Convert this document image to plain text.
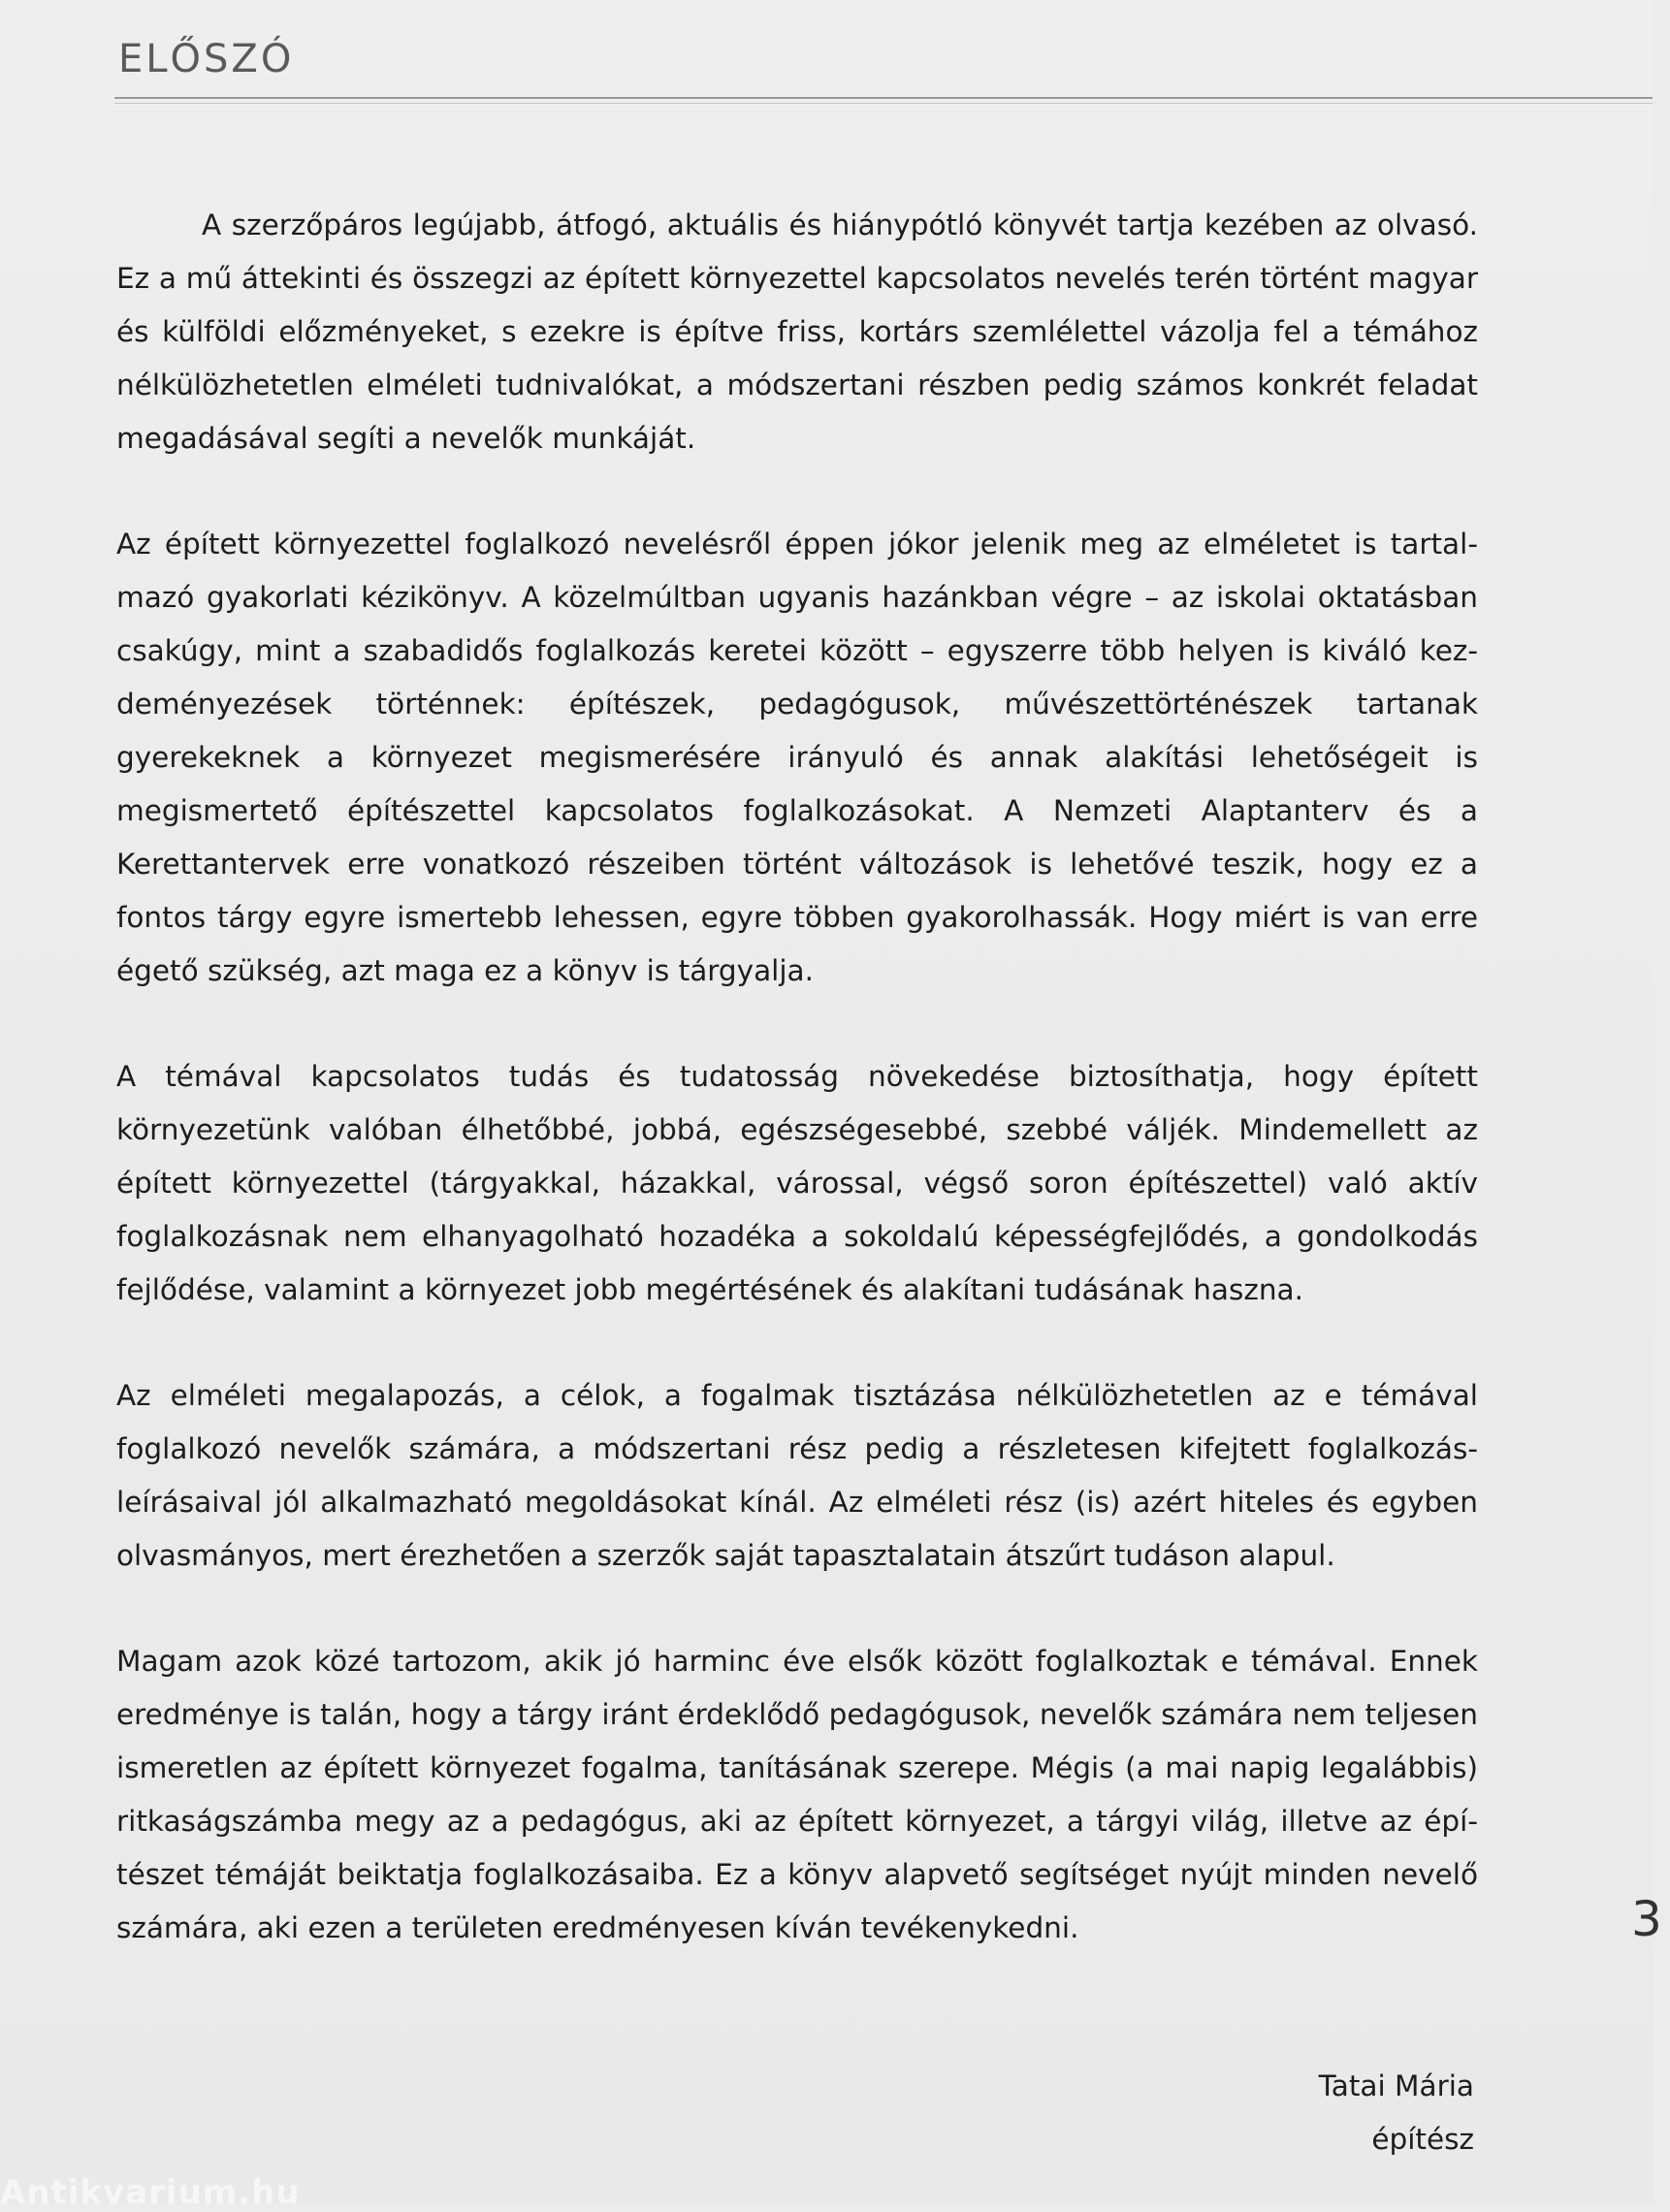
ELŐSZÓ

A szerzőpáros legújabb, átfogó, aktuális és hiánypótló könyvét tartja kezében az olvasó. Ez a mű áttekinti és összegzi az épített környezettel kapcsolatos nevelés terén történt magyar és külföldi előzményeket, s ezekre is építve friss, kortárs szemlélettel vázolja fel a témához nélkülözhetetlen elméleti tudnivalókat, a módszertani részben pedig számos konkrét feladat megadásával segíti a nevelők munkáját.

Az épített környezettel foglalkozó nevelésről éppen jókor jelenik meg az elméletet is tartalmazó gyakorlati kézikönyv. A közelmúltban ugyanis hazánkban végre – az iskolai oktatásban csakúgy, mint a szabadidős foglalkozás keretei között – egyszerre több helyen is kiváló kezdeményezések történnek: építészek, pedagógusok, művészettörténészek tartanak gyerekeknek a környezet megismerésére irányuló és annak alakítási lehetőségeit is megismertető építészettel kapcsolatos foglalkozásokat. A Nemzeti Alaptanterv és a Kerettantervek erre vonatkozó részeiben történt változások is lehetővé teszik, hogy ez a fontos tárgy egyre ismertebb lehessen, egyre többen gyakorolhassák. Hogy miért is van erre égető szükség, azt maga ez a könyv is tárgyalja.

A témával kapcsolatos tudás és tudatosság növekedése biztosíthatja, hogy épített környezetünk valóban élhetőbbé, jobbá, egészségesebbé, szebbé váljék. Mindemellett az épített környezettel (tárgyakkal, házakkal, várossal, végső soron építészettel) való aktív foglalkozásnak nem elhanyagolható hozadéka a sokoldalú képességfejlődés, a gondolkodás fejlődése, valamint a környezet jobb megértésének és alakítani tudásának haszna.

Az elméleti megalapozás, a célok, a fogalmak tisztázása nélkülözhetetlen az e témával foglalkozó nevelők számára, a módszertani rész pedig a részletesen kifejtett foglalkozás-leírásaival jól alkalmazható megoldásokat kínál. Az elméleti rész (is) azért hiteles és egyben olvasmányos, mert érezhetően a szerzők saját tapasztalatain átszűrt tudáson alapul.

Magam azok közé tartozom, akik jó harminc éve elsők között foglalkoztak e témával. Ennek eredménye is talán, hogy a tárgy iránt érdeklődő pedagógusok, nevelők számára nem teljesen ismeretlen az épített környezet fogalma, tanításának szerepe. Mégis (a mai napig legalábbis) ritkaságszámba megy az a pedagógus, aki az épített környezet, a tárgyi világ, illetve az építészet témáját beiktatja foglalkozásaiba. Ez a könyv alapvető segítséget nyújt minden nevelő számára, aki ezen a területen eredményesen kíván tevékenykedni.

Tatai Mária
építész
3
Antikvarium.hu
